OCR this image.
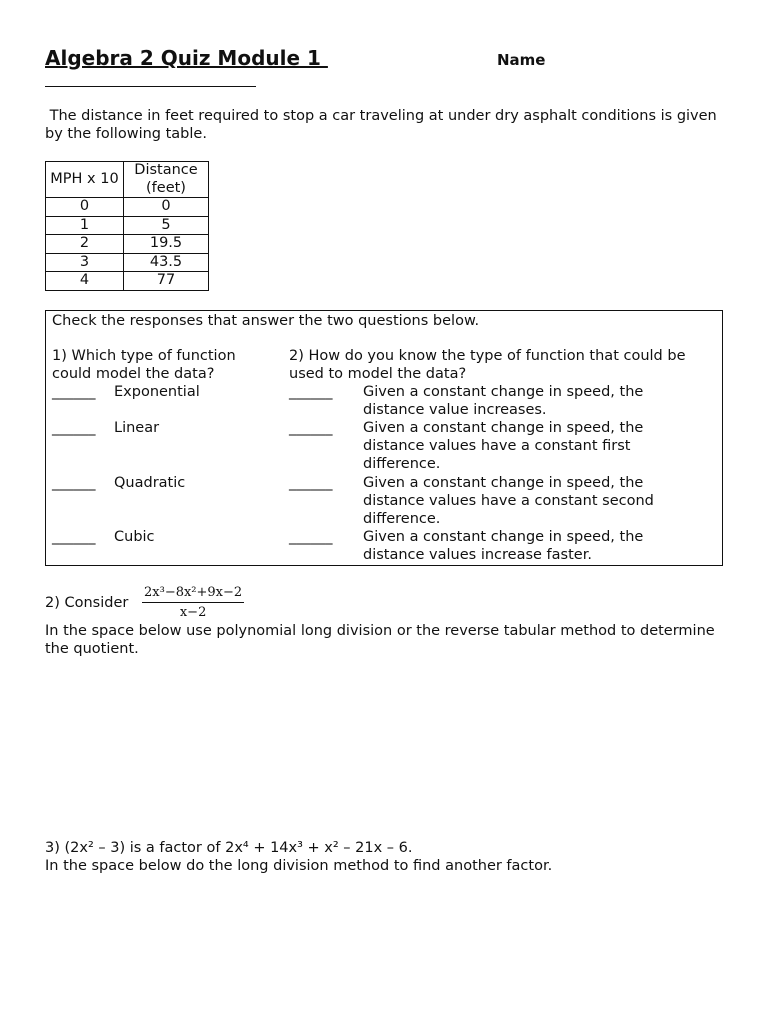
Algebra 2 Quiz Module 1	Name
The distance in feet required to stop a car traveling at under dry asphalt conditions is given by the following table.
MPH x 10	Distance (feet)
0	0
1	5
2	19.5
3	43.5
4	77
Check the responses that answer the two questions below.
1) Which type of function could model the data?
2) How do you know the type of function that could be used to model the data?
______ Exponential
______ Linear
______ Quadratic
______ Cubic
______ Given a constant change in speed, the distance value increases.
______ Given a constant change in speed, the distance values have a constant first difference.
______ Given a constant change in speed, the distance values have a constant second difference.
______ Given a constant change in speed, the distance values increase faster.
2) Consider $\frac{\text{2x³−8x²+9x−2}}{x-2}$
In the space below use polynomial long division or the reverse tabular method to determine the quotient.
3) (2x² – 3) is a factor of 2x⁴ + 14x³ + x² – 21x – 6.
In the space below do the long division method to find another factor.
